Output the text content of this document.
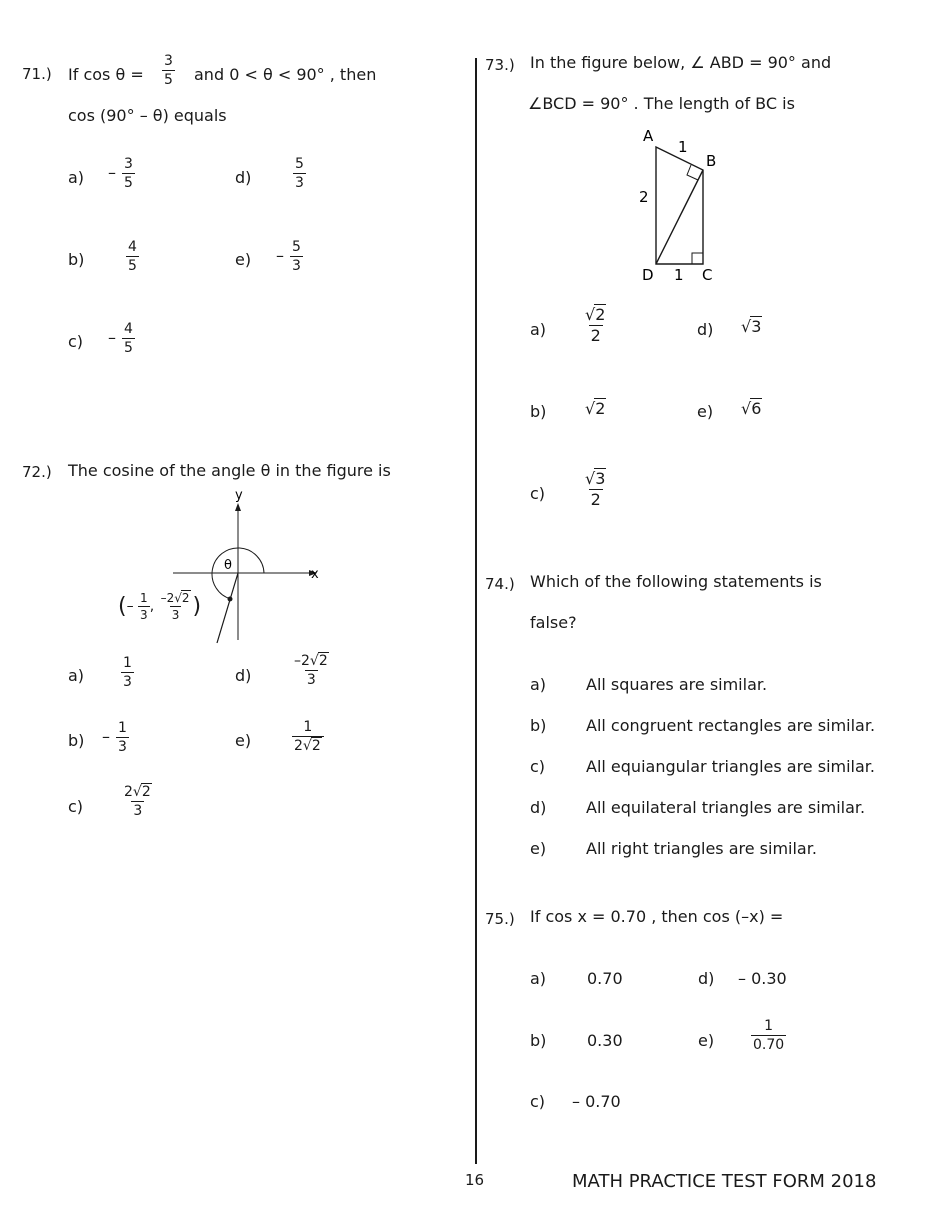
71.) If $\cos \theta = \frac{3}{5}$ and 0 < θ < 90° , then
cos (90° – θ) equals
$a) - \frac{3}{5}$
b)	$\frac{4}{5}$
$c) - \frac{4}{5}$
d)	$\frac{5}{3}$
$e) - \frac{5}{3}$
72.) The cosine of the angle θ in the figure is
y
x
θ
(– $\frac{1}{3}$ , $\frac{-2√2}{3}$ )
a)	$\frac{1}{3}$
$b) - \frac{1}{3}$
c)	$\frac{2√2}{3}$
d)	$\frac{-2√2}{3}$
e)	$\frac{1}{2√2}$
73.) In the figure below, ∠ ABD = 90° and
∠BCD = 90° . The length of BC is
A
B
C
D
1
2
1
$a) \frac{√2}{2}$
b) √2
$c) \frac{√3}{2}$
d) √3
e) √6
74.) Which of the following statements is
false?
a) All squares are similar.
b) All congruent rectangles are similar.
c)	All equiangular triangles are similar.
d) All equilateral triangles are similar.
e) All right triangles are similar.
75.) If cos x = 0.70 , then cos (–x) =
a)	0.70
b)	0.30
c) – 0.70
d) – 0.30
e)	$\frac{1}{0.70}$
16	MATH PRACTICE TEST FORM 2018
